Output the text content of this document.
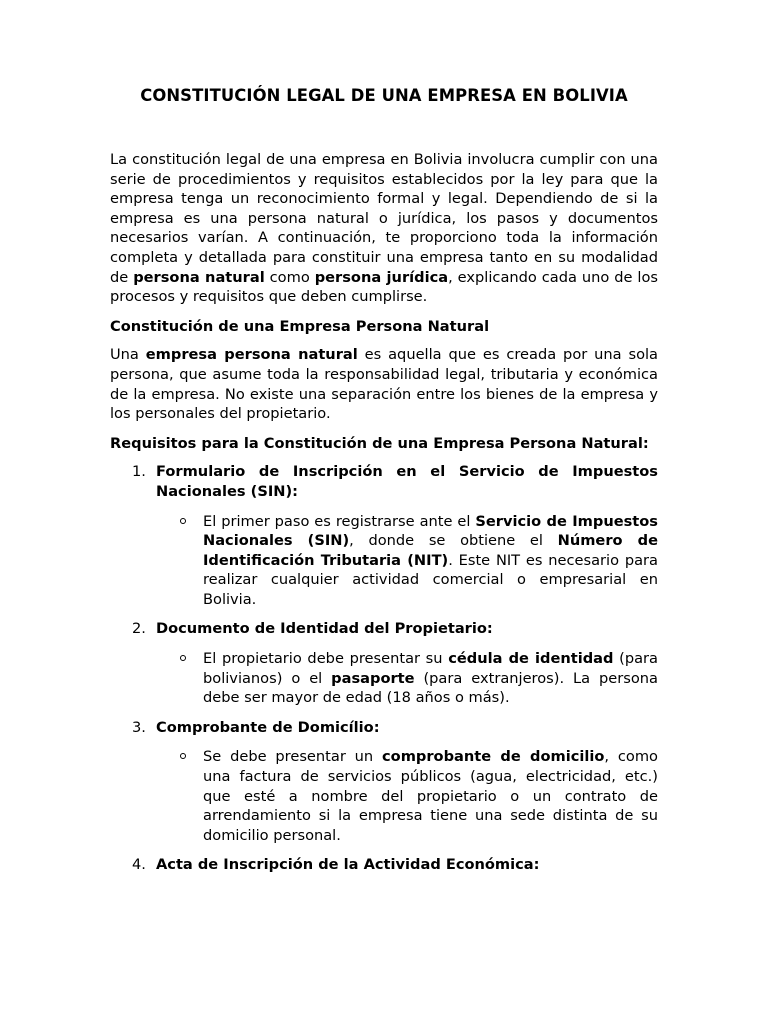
CONSTITUCIÓN LEGAL DE UNA EMPRESA EN BOLIVIA

La constitución legal de una empresa en Bolivia involucra cumplir con una serie de procedimientos y requisitos establecidos por la ley para que la empresa tenga un reconocimiento formal y legal. Dependiendo de si la empresa es una persona natural o jurídica, los pasos y documentos necesarios varían. A continuación, te proporciono toda la información completa y detallada para constituir una empresa tanto en su modalidad de persona natural como persona jurídica, explicando cada uno de los procesos y requisitos que deben cumplirse.

Constitución de una Empresa Persona Natural

Una empresa persona natural es aquella que es creada por una sola persona, que asume toda la responsabilidad legal, tributaria y económica de la empresa. No existe una separación entre los bienes de la empresa y los personales del propietario.

Requisitos para la Constitución de una Empresa Persona Natural:

1. Formulario de Inscripción en el Servicio de Impuestos Nacionales (SIN):
El primer paso es registrarse ante el Servicio de Impuestos Nacionales (SIN), donde se obtiene el Número de Identificación Tributaria (NIT). Este NIT es necesario para realizar cualquier actividad comercial o empresarial en Bolivia.
2. Documento de Identidad del Propietario:
El propietario debe presentar su cédula de identidad (para bolivianos) o el pasaporte (para extranjeros). La persona debe ser mayor de edad (18 años o más).
3. Comprobante de Domicílio:
Se debe presentar un comprobante de domicilio, como una factura de servicios públicos (agua, electricidad, etc.) que esté a nombre del propietario o un contrato de arrendamiento si la empresa tiene una sede distinta de su domicilio personal.
4. Acta de Inscripción de la Actividad Económica:
